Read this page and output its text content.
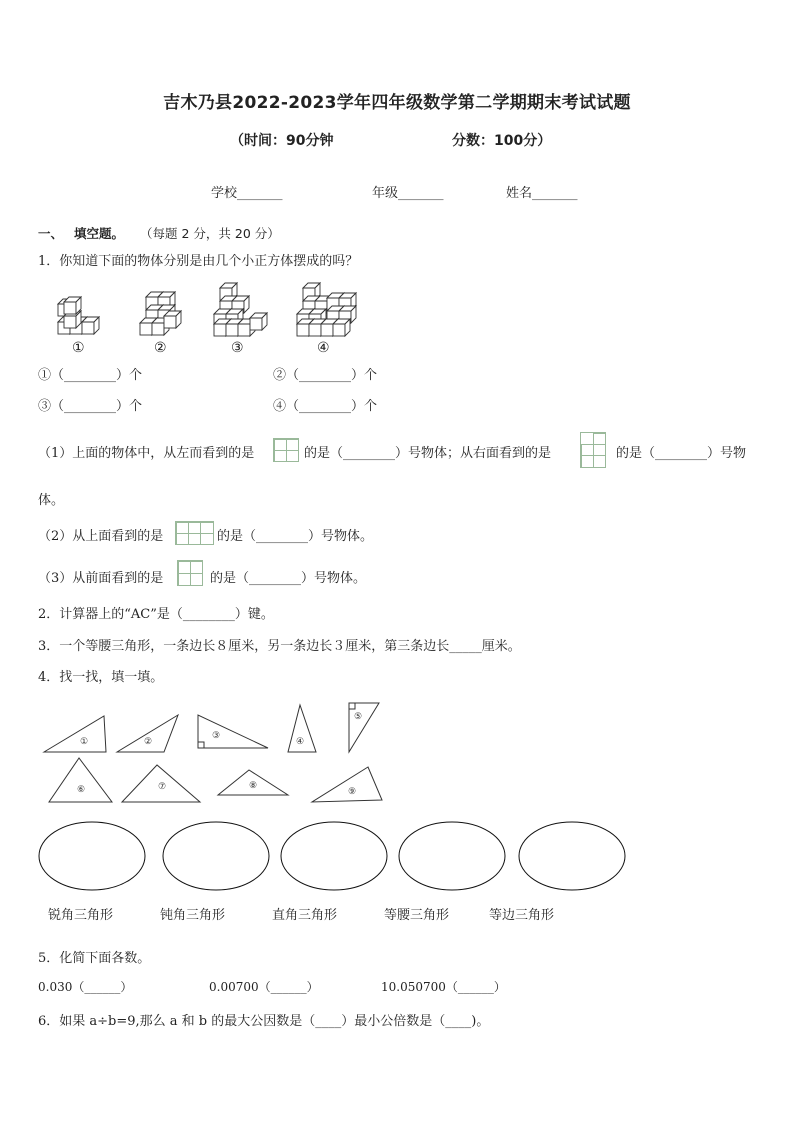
吉木乃县2022-2023学年四年级数学第二学期期末考试试题
（时间：90分钟	分数：100分）
学校_______	年级_______	姓名_______
一、 填空题。 （每题 2 分，共 20 分）
1．你知道下面的物体分别是由几个小正方体摆成的吗？
①	②	③	④
①（________）个	②（________）个
③（________）个	④（________）个
（1）上面的物体中，从左而看到的是	的是（________）号物体；从右面看到的是	的是（________）号物
体。
（2）从上面看到的是	的是（________）号物体。
（3）从前面看到的是	的是（________）号物体。
2．计算器上的“AC”是（________）键。
3．一个等腰三角形，一条边长８厘米，另一条边长３厘米，第三条边长_____厘米。
4．找一找，填一填。
①	②
③
④
⑤
⑥	⑦	⑧
⑨
锐角三角形	钝角三角形	直角三角形	等腰三角形	等边三角形
5．化简下面各数。
0.030（______）	0.00700（______）	10.050700（______）
6．如果 a÷b=9,那么 a 和 b 的最大公因数是（____）最小公倍数是（____)。
